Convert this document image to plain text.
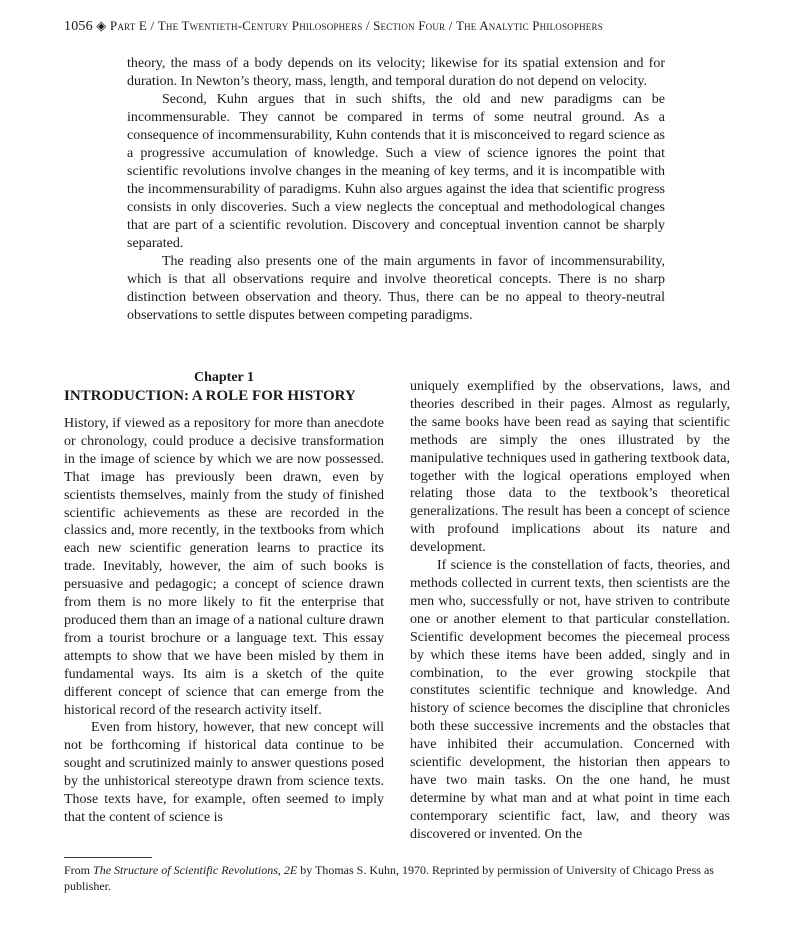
1056 ◈ Part E / The Twentieth-Century Philosophers / Section Four / The Analytic Philosophers

theory, the mass of a body depends on its velocity; likewise for its spatial extension and for duration. In Newton’s theory, mass, length, and temporal duration do not depend on velocity.

Second, Kuhn argues that in such shifts, the old and new paradigms can be incommensurable. They cannot be compared in terms of some neutral ground. As a consequence of incommensurability, Kuhn contends that it is misconceived to regard science as a progressive accumulation of knowledge. Such a view of science ignores the point that scientific revolutions involve changes in the meaning of key terms, and it is incompatible with the incommensurability of paradigms. Kuhn also argues against the idea that scientific progress consists in only discoveries. Such a view neglects the conceptual and methodological changes that are part of a scientific revolution. Discovery and conceptual invention cannot be sharply separated.

The reading also presents one of the main arguments in favor of incommensurability, which is that all observations require and involve theoretical concepts. There is no sharp distinction between observation and theory. Thus, there can be no appeal to theory-neutral observations to settle disputes between competing paradigms.

Chapter 1
INTRODUCTION: A ROLE FOR HISTORY

History, if viewed as a repository for more than anecdote or chronology, could produce a decisive transformation in the image of science by which we are now possessed. That image has previously been drawn, even by scientists themselves, mainly from the study of finished scientific achievements as these are recorded in the classics and, more recently, in the textbooks from which each new scientific generation learns to practice its trade. Inevitably, however, the aim of such books is persuasive and pedagogic; a concept of science drawn from them is no more likely to fit the enterprise that produced them than an image of a national culture drawn from a tourist brochure or a language text. This essay attempts to show that we have been misled by them in fundamental ways. Its aim is a sketch of the quite different concept of science that can emerge from the historical record of the research activity itself.

Even from history, however, that new concept will not be forthcoming if historical data continue to be sought and scrutinized mainly to answer questions posed by the unhistorical stereotype drawn from science texts. Those texts have, for example, often seemed to imply that the content of science is

uniquely exemplified by the observations, laws, and theories described in their pages. Almost as regularly, the same books have been read as saying that scientific methods are simply the ones illustrated by the manipulative techniques used in gathering textbook data, together with the logical operations employed when relating those data to the textbook’s theoretical generalizations. The result has been a concept of science with profound implications about its nature and development.

If science is the constellation of facts, theories, and methods collected in current texts, then scientists are the men who, successfully or not, have striven to contribute one or another element to that particular constellation. Scientific development becomes the piecemeal process by which these items have been added, singly and in combination, to the ever growing stockpile that constitutes scientific technique and knowledge. And history of science becomes the discipline that chronicles both these successive increments and the obstacles that have inhibited their accumulation. Concerned with scientific development, the historian then appears to have two main tasks. On the one hand, he must determine by what man and at what point in time each contemporary scientific fact, law, and theory was discovered or invented. On the

From The Structure of Scientific Revolutions, 2E by Thomas S. Kuhn, 1970. Reprinted by permission of University of Chicago Press as publisher.
